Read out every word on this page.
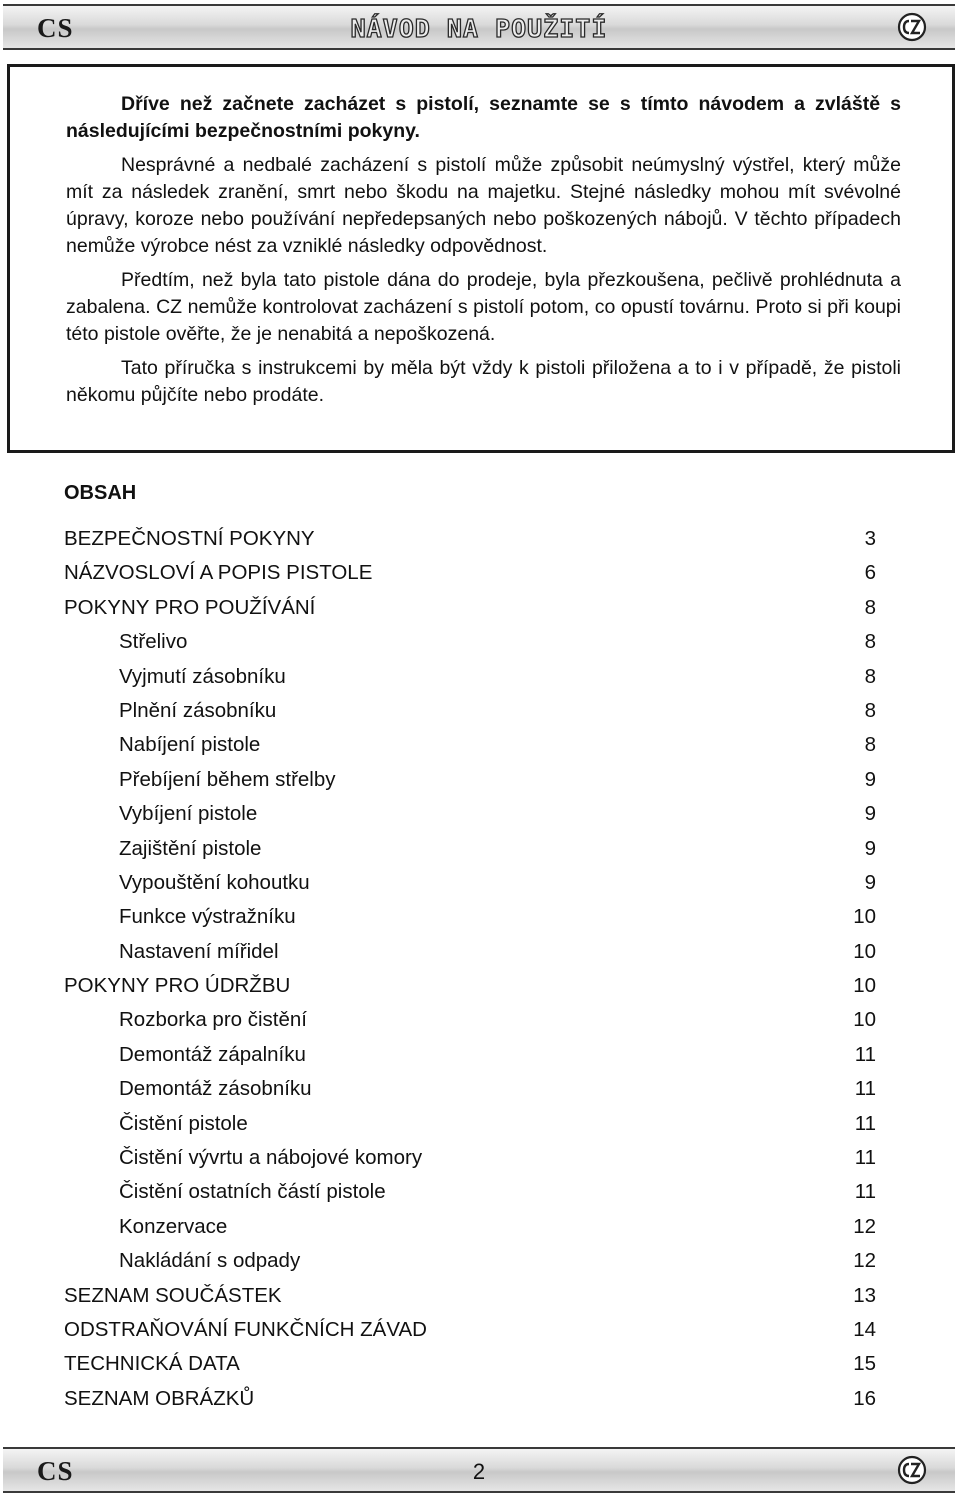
CS	NÁVOD NA POUŽITÍ

Dříve než začnete zacházet s pistolí, seznamte se s tímto návodem a zvláště s následujícími bezpečnostními pokyny.

Nesprávné a nedbalé zacházení s pistolí může způsobit neúmyslný výstřel, který může mít za následek zranění, smrt nebo škodu na majetku. Stejné následky mohou mít svévolné úpravy, koroze nebo používání nepředepsaných nebo poškozených nábojů. V těchto případech nemůže výrobce nést za vzniklé následky odpovědnost.

Předtím, než byla tato pistole dána do prodeje, byla přezkoušena, pečlivě prohlédnuta a zabalena. CZ nemůže kontrolovat zacházení s pistolí potom, co opustí továrnu. Proto si při koupi této pistole ověřte, že je nenabitá a nepoškozená.

Tato příručka s instrukcemi by měla být vždy k pistoli přiložena a to i v případě, že pistoli někomu půjčíte nebo prodáte.

OBSAH
BEZPEČNOSTNÍ POKYNY	3
NÁZVOSLOVÍ A POPIS PISTOLE	6
POKYNY PRO POUŽÍVÁNÍ	8
Střelivo	8
Vyjmutí zásobníku	8
Plnění zásobníku	8
Nabíjení pistole	8
Přebíjení během střelby	9
Vybíjení pistole	9
Zajištění pistole	9
Vypouštění kohoutku	9
Funkce výstražníku	10
Nastavení mířidel	10
POKYNY PRO ÚDRŽBU	10
Rozborka pro čistění	10
Demontáž zápalníku	11
Demontáž zásobníku	11
Čistění pistole	11
Čistění vývrtu a nábojové komory	11
Čistění ostatních částí pistole	11
Konzervace	12
Nakládání s odpady	12
SEZNAM SOUČÁSTEK	13
ODSTRAŇOVÁNÍ FUNKČNÍCH ZÁVAD	14
TECHNICKÁ DATA	15
SEZNAM OBRÁZKŮ	16
CS	2
